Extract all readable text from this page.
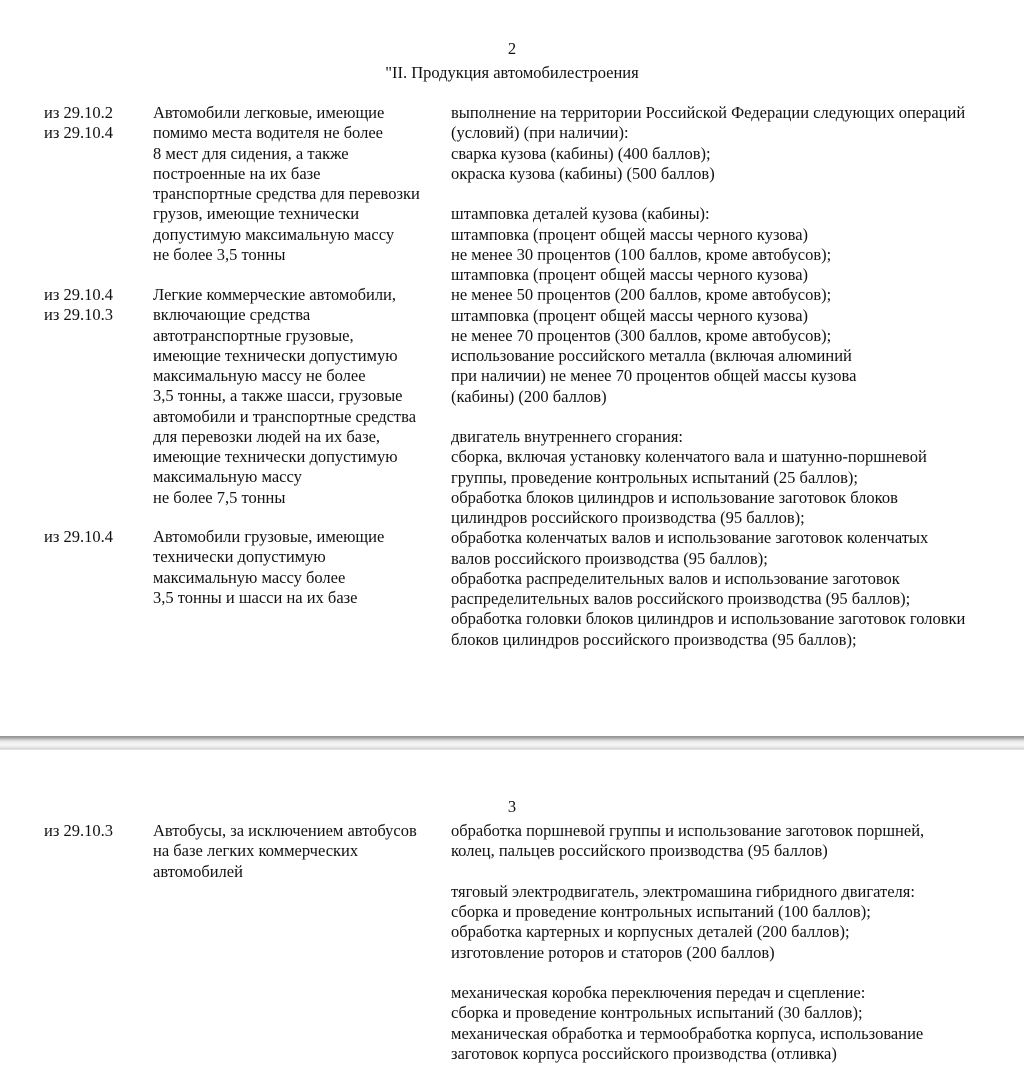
2
"II. Продукция автомобилестроения
из 29.10.2
из 29.10.4
Автомобили легковые, имеющие
помимо места водителя не более
8 мест для сидения, а также
построенные на их базе
транспортные средства для перевозки
грузов, имеющие технически
допустимую максимальную массу
не более 3,5 тонны
из 29.10.4
из 29.10.3
Легкие коммерческие автомобили,
включающие средства
автотранспортные грузовые,
имеющие технически допустимую
максимальную массу не более
3,5 тонны, а также шасси, грузовые
автомобили и транспортные средства
для перевозки людей на их базе,
имеющие технически допустимую
максимальную массу
не более 7,5 тонны
из 29.10.4 Автомобили грузовые, имеющие
технически допустимую
максимальную массу более
3,5 тонны и шасси на их базе
выполнение на территории Российской Федерации следующих операций
(условий) (при наличии):
сварка кузова (кабины) (400 баллов);
окраска кузова (кабины) (500 баллов)
штамповка деталей кузова (кабины):
штамповка (процент общей массы черного кузова)
не менее 30 процентов (100 баллов, кроме автобусов);
штамповка (процент общей массы черного кузова)
не менее 50 процентов (200 баллов, кроме автобусов);
штамповка (процент общей массы черного кузова)
не менее 70 процентов (300 баллов, кроме автобусов);
использование российского металла (включая алюминий
при наличии) не менее 70 процентов общей массы кузова
(кабины) (200 баллов)
двигатель внутреннего сгорания:
сборка, включая установку коленчатого вала и шатунно-поршневой
группы, проведение контрольных испытаний (25 баллов);
обработка блоков цилиндров и использование заготовок блоков
цилиндров российского производства (95 баллов);
обработка коленчатых валов и использование заготовок коленчатых
валов российского производства (95 баллов);
обработка распределительных валов и использование заготовок
распределительных валов российского производства (95 баллов);
обработка головки блоков цилиндров и использование заготовок головки
блоков цилиндров российского производства (95 баллов);
3
из 29.10.3 Автобусы, за исключением автобусов
на базе легких коммерческих
автомобилей
обработка поршневой группы и использование заготовок поршней,
колец, пальцев российского производства (95 баллов)
тяговый электродвигатель, электромашина гибридного двигателя:
сборка и проведение контрольных испытаний (100 баллов);
обработка картерных и корпусных деталей (200 баллов);
изготовление роторов и статоров (200 баллов)
механическая коробка переключения передач и сцепление:
сборка и проведение контрольных испытаний (30 баллов);
механическая обработка и термообработка корпуса, использование
заготовок корпуса российского производства (отливка)
